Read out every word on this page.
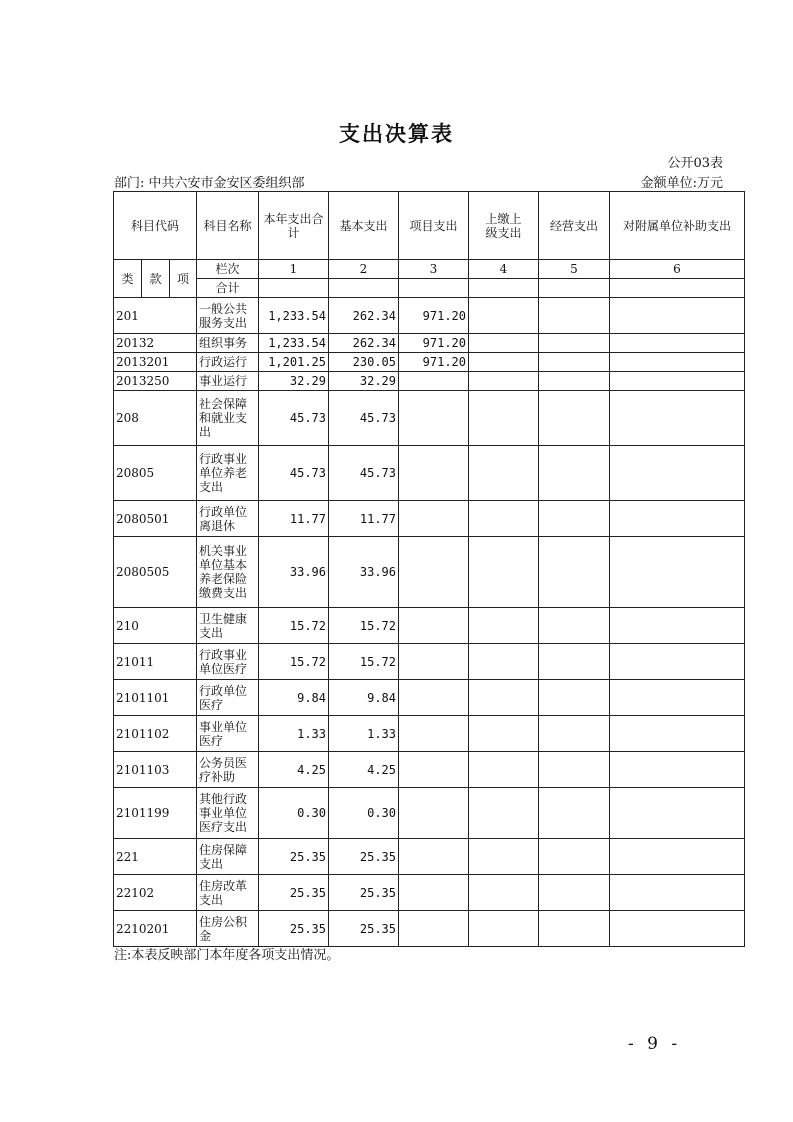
支出决算表
公开03表
部门: 中共六安市金安区委组织部	金额单位:万元
科目代码			科目名称	本年支出合计	基本支出	项目支出	上缴上级支出	经营支出	对附属单位补助支出
类	款	项	栏次	1	2	3	4	5	6
			合计						
201			一般公共服务支出	1,233.54	262.34	971.20			
20132			组织事务	1,233.54	262.34	971.20			
2013201			行政运行	1,201.25	230.05	971.20			
2013250			事业运行	32.29	32.29				
208			社会保障和就业支出	45.73	45.73				
20805			行政事业单位养老支出	45.73	45.73				
2080501			行政单位离退休	11.77	11.77				
2080505			机关事业单位基本养老保险缴费支出	33.96	33.96				
210			卫生健康支出	15.72	15.72				
21011			行政事业单位医疗	15.72	15.72				
2101101			行政单位医疗	9.84	9.84				
2101102			事业单位医疗	1.33	1.33				
2101103			公务员医疗补助	4.25	4.25				
2101199			其他行政事业单位医疗支出	0.30	0.30				
221			住房保障支出	25.35	25.35				
22102			住房改革支出	25.35	25.35				
2210201			住房公积金	25.35	25.35				
注:本表反映部门本年度各项支出情况。
- 9 -
